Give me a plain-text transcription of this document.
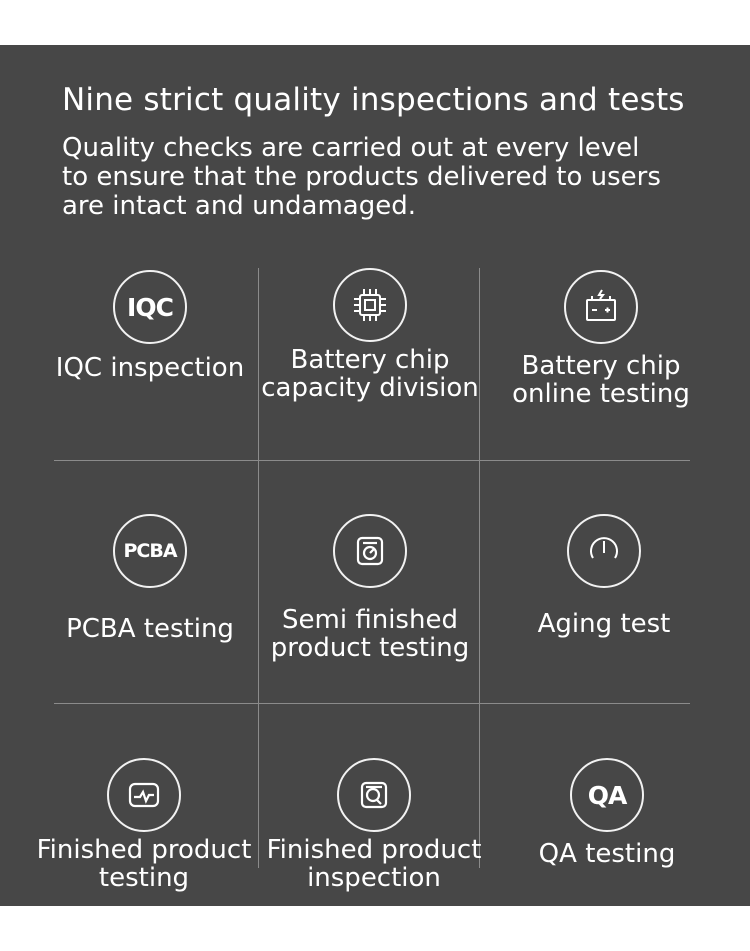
Nine strict quality inspections and tests

Quality checks are carried out at every level
to ensure that the products delivered to users
are intact and undamaged.

IQC
IQC inspection	Battery chip
capacity division
Battery chip
online testing
PCBA
PCBA testing	Semi finished
product testing
Aging test
Finished product
testing
Finished product
inspection
QA
QA testing
